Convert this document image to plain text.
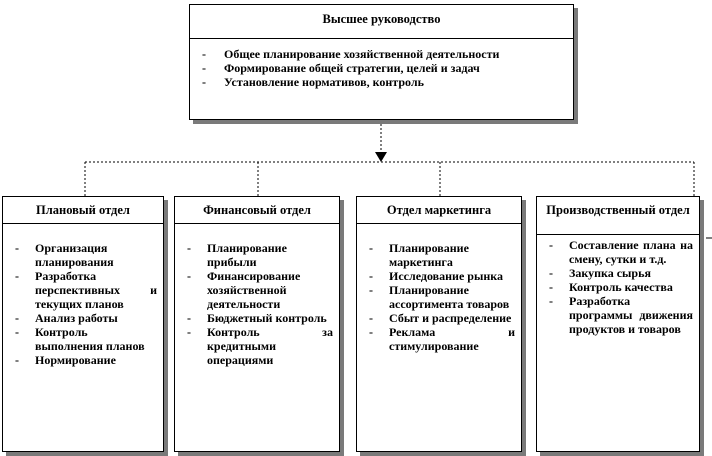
Высшее руководство
- Общее планирование хозяйственной деятельности
- Формирование общей стратегии, целей и задач
- Установление нормативов, контроль
Плановый отдел
- Организация планирования
- Разработка перспективных и текущих планов
- Анализ работы
- Контроль выполнения планов
- Нормирование
Финансовый отдел
- Планирование прибыли
- Финансирование хозяйственной деятельности
- Бюджетный контроль
- Контроль за кредитными операциями
Отдел маркетинга
- Планирование маркетинга
- Исследование рынка
- Планирование ассортимента товаров
- Сбыт и распределение
- Реклама и стимулирование
Производственный отдел
- Составление плана на смену, сутки и т.д.
- Закупка сырья
- Контроль качества
- Разработка программы движения продуктов и товаров
